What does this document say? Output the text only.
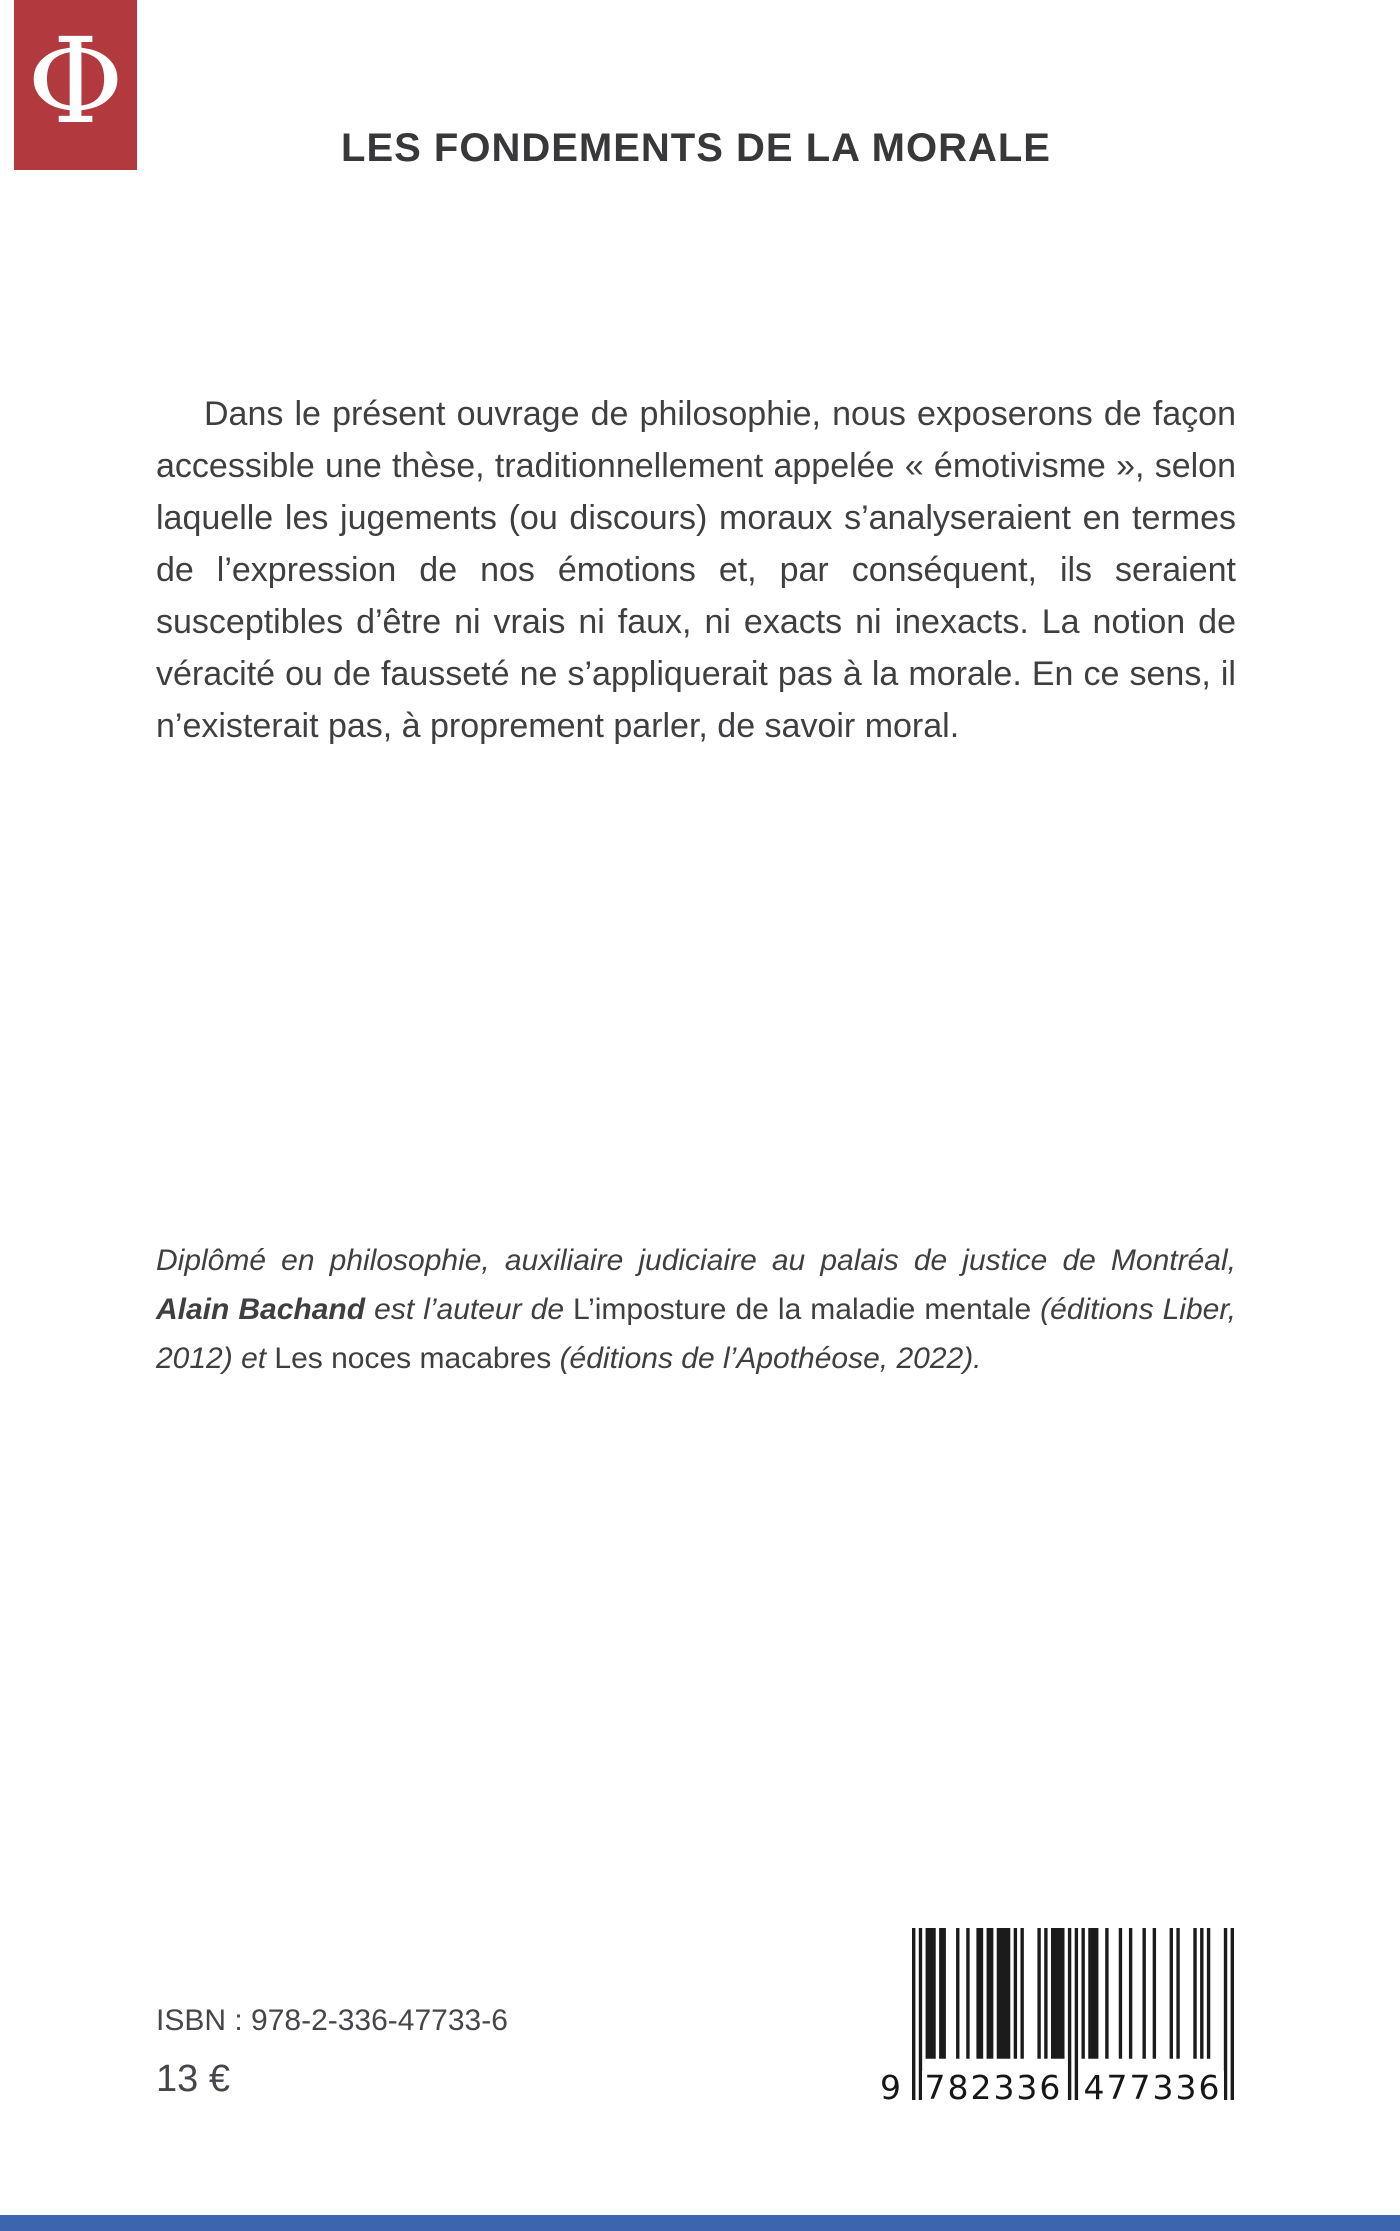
Φ	LES FONDEMENTS DE LA MORALE

Dans le présent ouvrage de philosophie, nous exposerons de façon accessible une thèse, traditionnellement appelée « émotivisme », selon laquelle les jugements (ou discours) moraux s’analyseraient en termes de l’expression de nos émotions et, par conséquent, ils seraient susceptibles d’être ni vrais ni faux, ni exacts ni inexacts. La notion de véracité ou de fausseté ne s’appliquerait pas à la morale. En ce sens, il n’existerait pas, à proprement parler, de savoir moral.

Diplômé en philosophie, auxiliaire judiciaire au palais de justice de Montréal, Alain Bachand est l’auteur de L’imposture de la maladie mentale (éditions Liber, 2012) et Les noces macabres (éditions de l’Apothéose, 2022).

ISBN : 978-2-336-47733-6
13 €	9 782336 477336
